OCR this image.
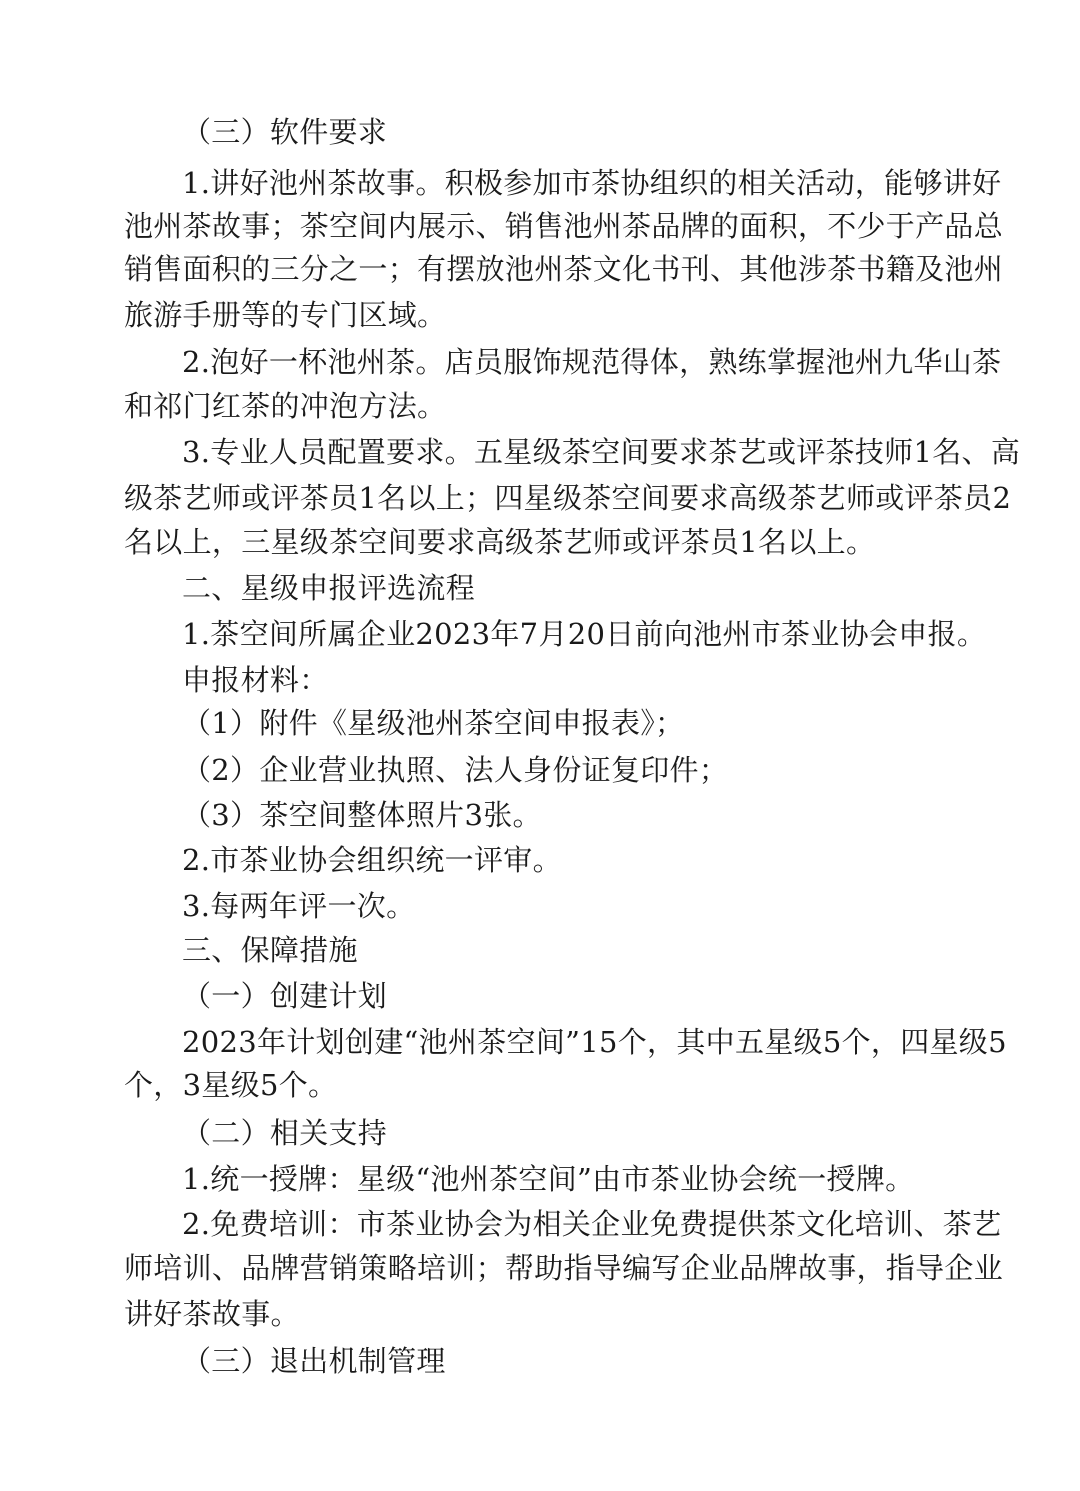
（三）软件要求
1.讲好池州茶故事。积极参加市茶协组织的相关活动，能够讲好
池州茶故事；茶空间内展示、销售池州茶品牌的面积，不少于产品总
销售面积的三分之一；有摆放池州茶文化书刊、其他涉茶书籍及池州
旅游手册等的专门区域。
2.泡好一杯池州茶。店员服饰规范得体，熟练掌握池州九华山茶
和祁门红茶的冲泡方法。
3.专业人员配置要求。五星级茶空间要求茶艺或评茶技师1名、高
级茶艺师或评茶员1名以上；四星级茶空间要求高级茶艺师或评茶员2
名以上，三星级茶空间要求高级茶艺师或评茶员1名以上。
二、星级申报评选流程
1.茶空间所属企业2023年7月20日前向池州市茶业协会申报。
申报材料：
（1）附件《星级池州茶空间申报表》；
（2）企业营业执照、法人身份证复印件；
（3）茶空间整体照片3张。
2.市茶业协会组织统一评审。
3.每两年评一次。
三、保障措施
（一）创建计划
2023年计划创建“池州茶空间”15个，其中五星级5个，四星级5
个，3星级5个。
（二）相关支持
1.统一授牌：星级“池州茶空间”由市茶业协会统一授牌。
2.免费培训：市茶业协会为相关企业免费提供茶文化培训、茶艺
师培训、品牌营销策略培训；帮助指导编写企业品牌故事，指导企业
讲好茶故事。
（三）退出机制管理
